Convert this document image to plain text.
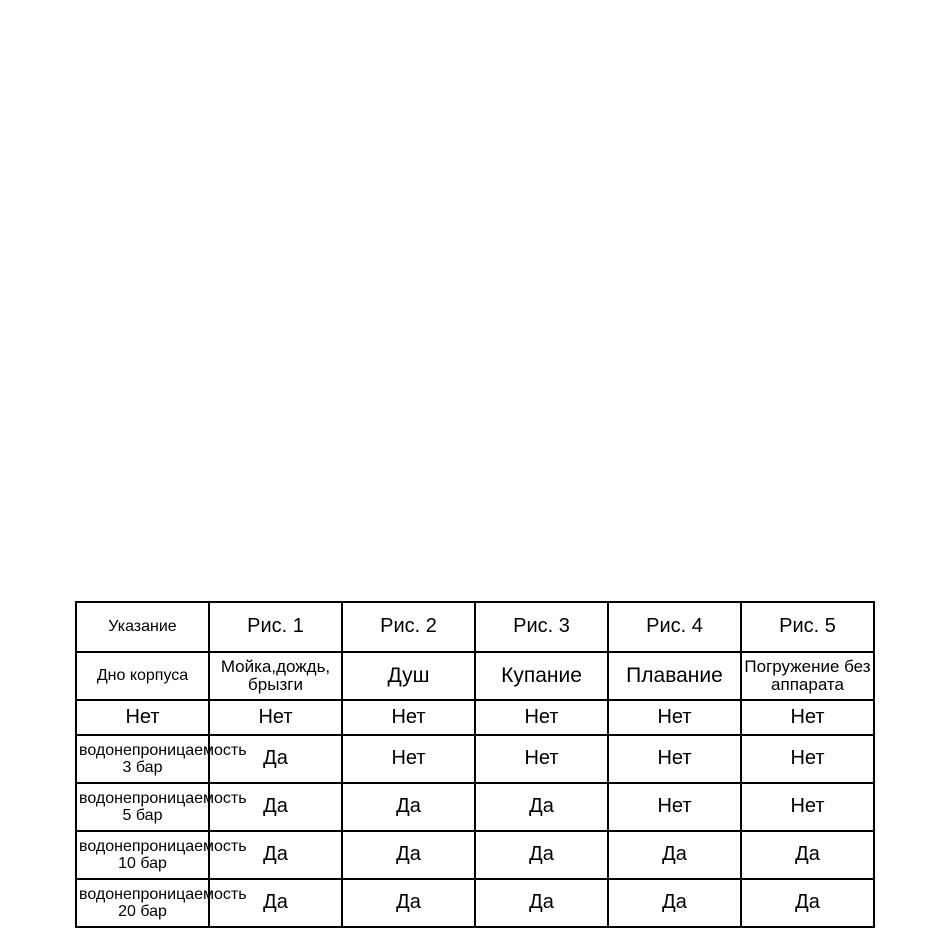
Указание	Рис. 1	Рис. 2	Рис. 3	Рис. 4	Рис. 5
Дно корпуса	Мойка,дождь, брызги	Душ	Купание	Плавание	Погружение без аппарата
Нет	Нет	Нет	Нет	Нет	Нет
водонепроницаемость 3 бар	Да	Нет	Нет	Нет	Нет
водонепроницаемость 5 бар	Да	Да	Да	Нет	Нет
водонепроницаемость 10 бар	Да	Да	Да	Да	Да
водонепроницаемость 20 бар	Да	Да	Да	Да	Да
